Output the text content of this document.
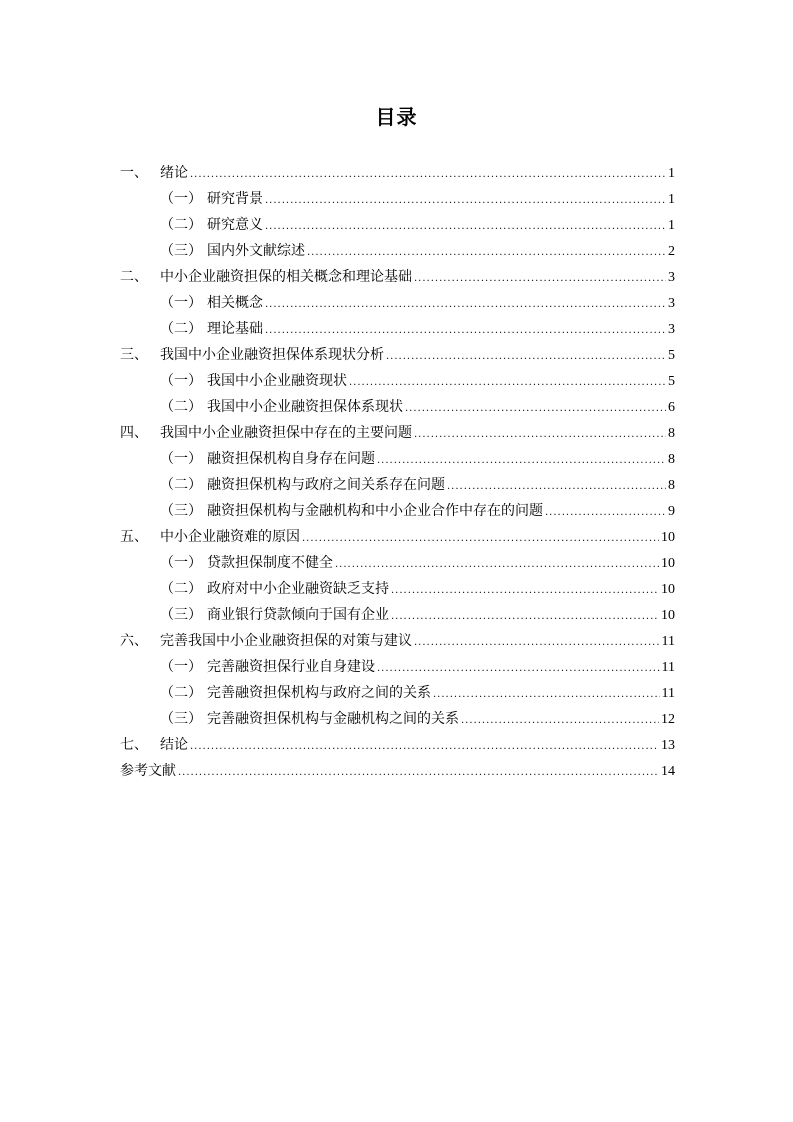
目录
一、 绪论 .....	1
（一） 研究背景 .....	1
（二） 研究意义 .....	1
（三） 国内外文献综述 .....	2
二、 中小企业融资担保的相关概念和理论基础 .....	3
（一） 相关概念 .....	3
（二） 理论基础 .....	3
三、 我国中小企业融资担保体系现状分析 .....	5
（一） 我国中小企业融资现状 .....	5
（二） 我国中小企业融资担保体系现状 .....	6
四、 我国中小企业融资担保中存在的主要问题 .....	8
（一） 融资担保机构自身存在问题 .....	8
（二） 融资担保机构与政府之间关系存在问题 .....	8
（三） 融资担保机构与金融机构和中小企业合作中存在的问题 .....	9
五、 中小企业融资难的原因 .....	10
（一） 贷款担保制度不健全 .....	10
（二） 政府对中小企业融资缺乏支持 .....	10
（三） 商业银行贷款倾向于国有企业 .....	10
六、 完善我国中小企业融资担保的对策与建议 .....	11
（一） 完善融资担保行业自身建设 .....	11
（二） 完善融资担保机构与政府之间的关系 .....	11
（三） 完善融资担保机构与金融机构之间的关系 .....	12
七、 结论 .....	13
参考文献 .....	14
